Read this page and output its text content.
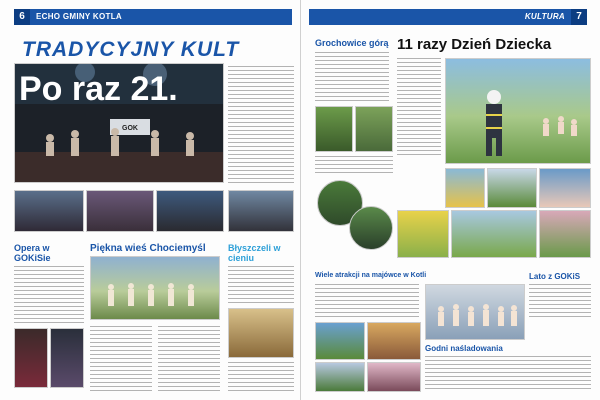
6	ECHO GMINY KOTLA
TRADYCYJNY KULT
GOK
Po raz 21.
Opera w GOKiSie
Piękna wieś Chociemyśl Błyszczeli w cieniu
KULTURA	7
Grochowice górą 11 razy Dzień Dziecka
Wiele atrakcji na majówce w Kotli	Lato z GOKiS
Godni naśladowania
